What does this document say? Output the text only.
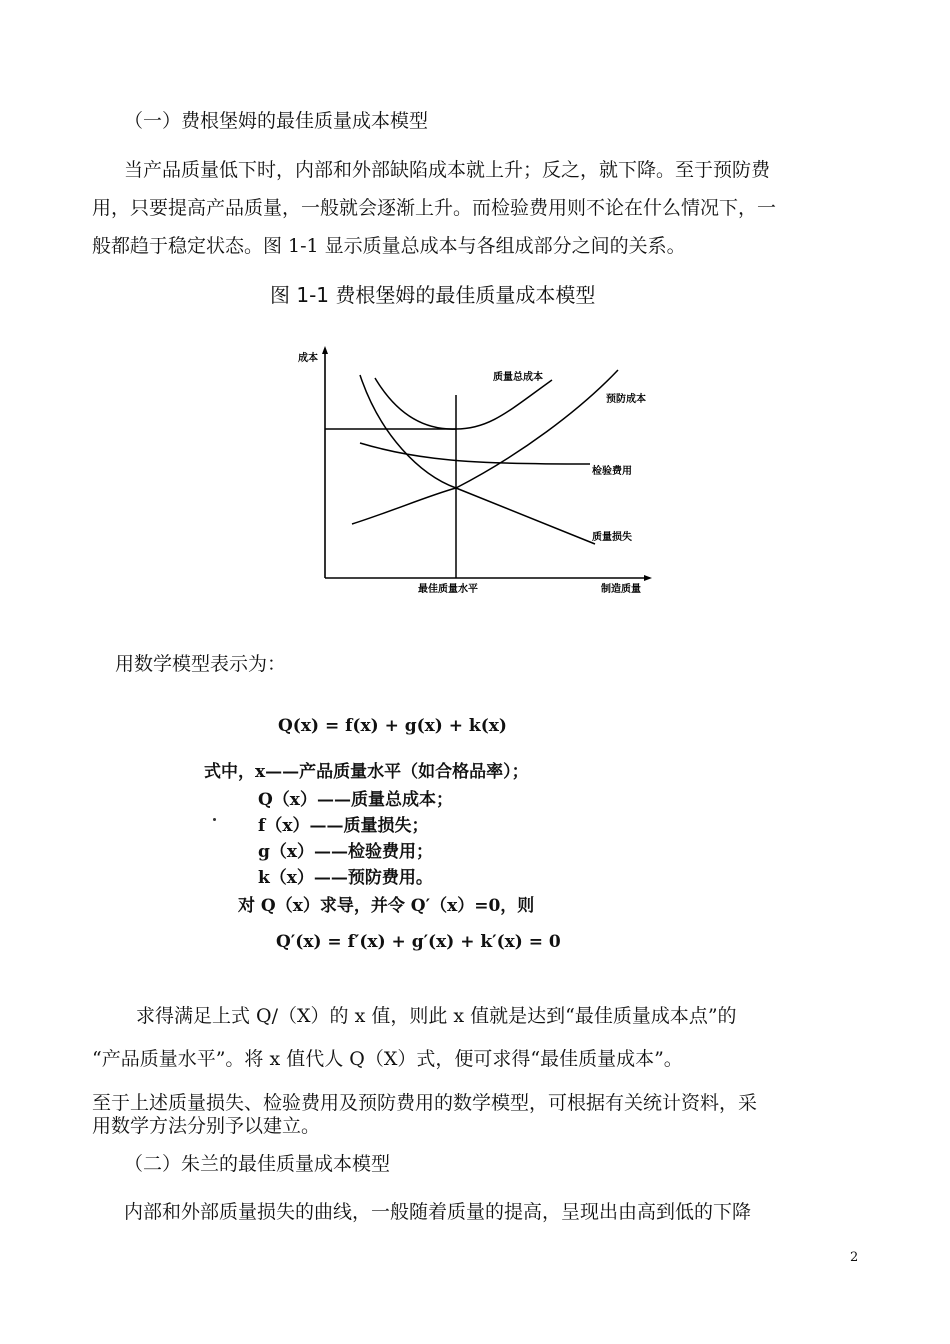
（一）费根堡姆的最佳质量成本模型
当产品质量低下时，内部和外部缺陷成本就上升；反之，就下降。至于预防费
用，只要提高产品质量，一般就会逐渐上升。而检验费用则不论在什么情况下，一
般都趋于稳定状态。图 1-1 显示质量总成本与各组成部分之间的关系。
图 1-1 费根堡姆的最佳质量成本模型
成本
质量总成本
预防成本
检验费用
质量损失
最佳质量水平	制造质量
用数学模型表示为：
Q(x) = f(x) + g(x) + k(x)
式中，x——产品质量水平（如合格品率）；
Q（x）——质量总成本；
f（x）——质量损失；
g（x）——检验费用；
k（x）——预防费用。
对 Q（x）求导，并令 Q′（x）=0，则
Q′(x) = f′(x) + g′(x) + k′(x) = 0
求得满足上式 Q/（X）的 x 值，则此 x 值就是达到“最佳质量成本点”的
“产品质量水平”。将 x 值代人 Q（X）式，便可求得“最佳质量成本”。
至于上述质量损失、检验费用及预防费用的数学模型，可根据有关统计资料，采
用数学方法分别予以建立。
（二）朱兰的最佳质量成本模型
内部和外部质量损失的曲线，一般随着质量的提高，呈现出由高到低的下降
2
